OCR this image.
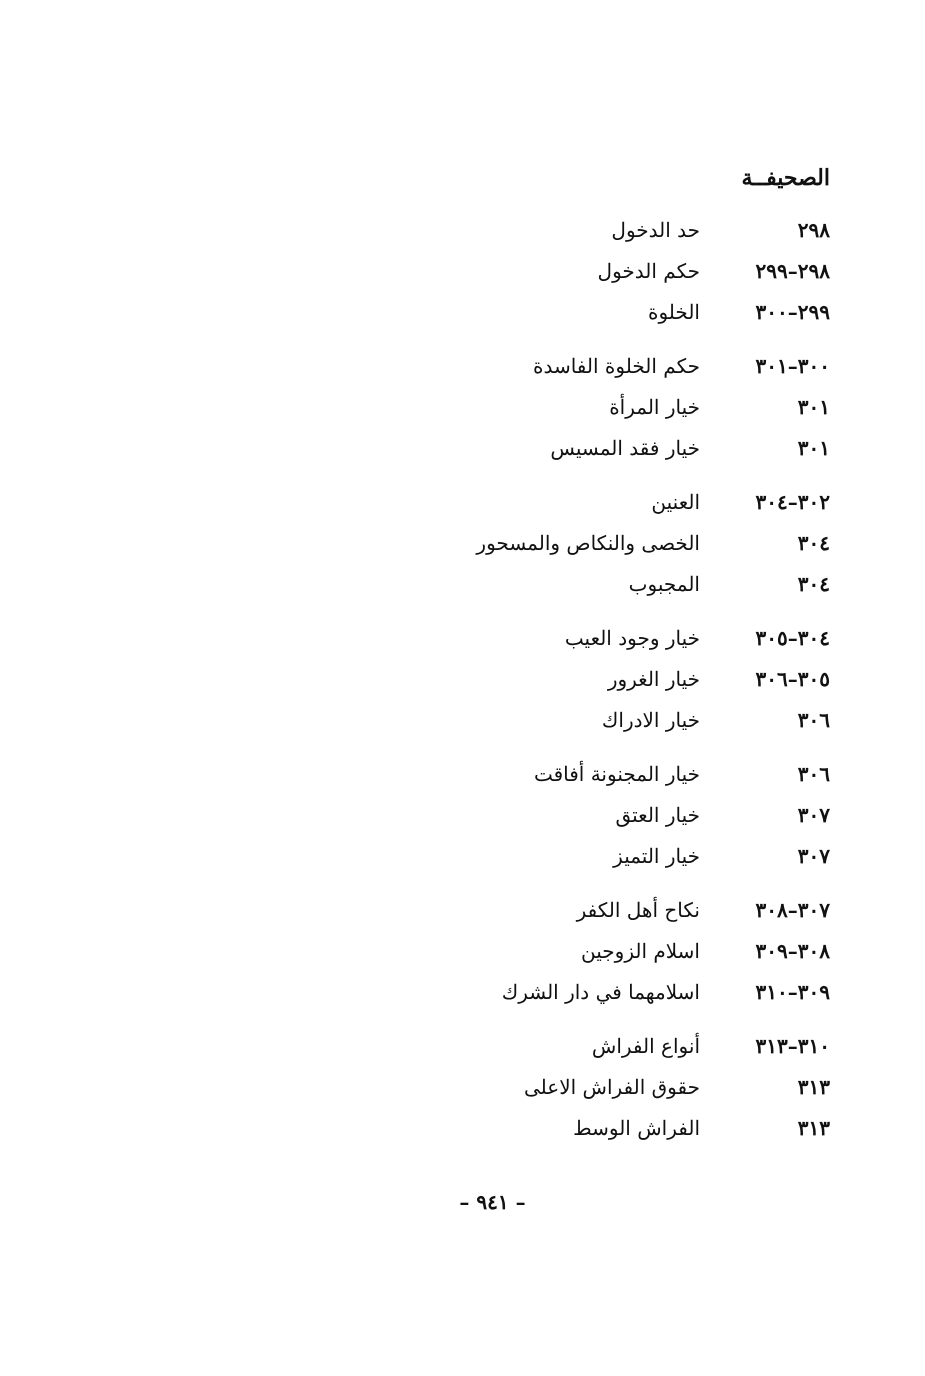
الصحيفــة
٢٩٨
حد الدخول
٢٩٨–٢٩٩
حكم الدخول
٢٩٩–٣٠٠
الخلوة
٣٠٠–٣٠١
حكم الخلوة الفاسدة
٣٠١
خيار المرأة
٣٠١
خيار فقد المسيس
٣٠٢–٣٠٤
العنين
٣٠٤
الخصى والنكاص والمسحور
٣٠٤
المجبوب
٣٠٤–٣٠٥
خيار وجود العيب
٣٠٥–٣٠٦
خيار الغرور
٣٠٦
خيار الادراك
٣٠٦
خيار المجنونة أفاقت
٣٠٧
خيار العتق
٣٠٧
خيار التميز
٣٠٧–٣٠٨
نكاح أهل الكفر
٣٠٨–٣٠٩
اسلام الزوجين
٣٠٩–٣١٠
اسلامهما في دار الشرك
٣١٠–٣١٣
أنواع الفراش
٣١٣
حقوق الفراش الاعلى
٣١٣
الفراش الوسط
– ٩٤١ –
